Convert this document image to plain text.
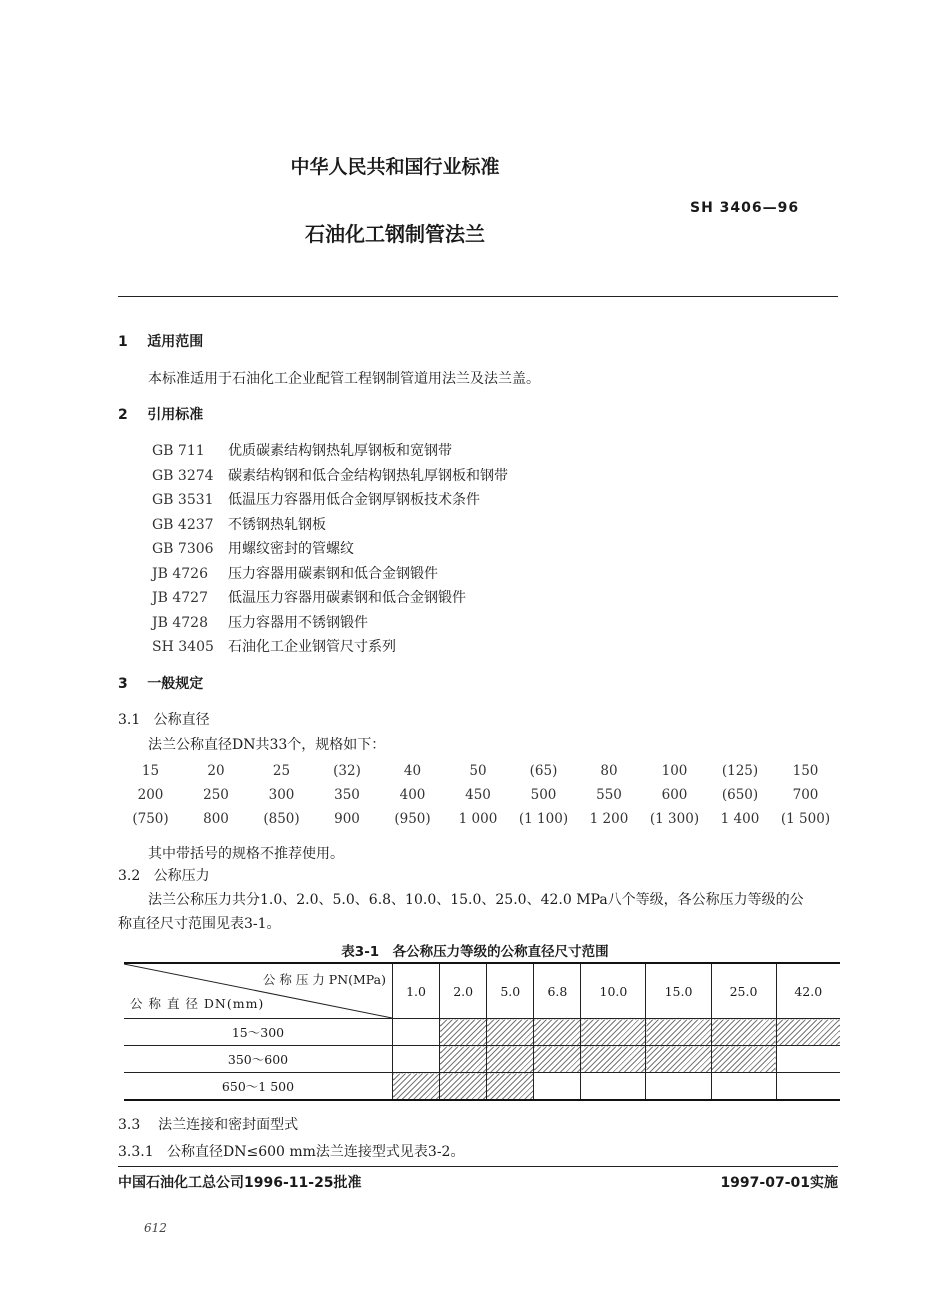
中华人民共和国行业标准
SH 3406—96
石油化工钢制管法兰
1 适用范围
本标准适用于石油化工企业配管工程钢制管道用法兰及法兰盖。
2 引用标准
GB 711 优质碳素结构钢热轧厚钢板和宽钢带
GB 3274 碳素结构钢和低合金结构钢热轧厚钢板和钢带
GB 3531 低温压力容器用低合金钢厚钢板技术条件
GB 4237 不锈钢热轧钢板
GB 7306 用螺纹密封的管螺纹
JB 4726 压力容器用碳素钢和低合金钢锻件
JB 4727 低温压力容器用碳素钢和低合金钢锻件
JB 4728 压力容器用不锈钢锻件
SH 3405 石油化工企业钢管尺寸系列
3 一般规定
3.1 公称直径
法兰公称直径DN共33个，规格如下：
15	20	25	(32)	40	50	(65)	80	100	(125)	150
200	250	300	350	400	450	500	550	600	(650)	700
(750)	800	(850)	900	(950)	1 000	(1 100)	1 200	(1 300)	1 400	(1 500)
其中带括号的规格不推荐使用。
3.2 公称压力
法兰公称压力共分1.0、2.0、5.0、6.8、10.0、15.0、25.0、42.0 MPa八个等级，各公称压力等级的公
称直径尺寸范围见表3-1。
表3-1　各公称压力等级的公称直径尺寸范围
公 称 压 力 PN(MPa)
公 称 直 径 DN(mm)	1.0	2.0	5.0	6.8	10.0	15.0	25.0	42.0
15～300								
350～600								
650～1 500								
3.3 法兰连接和密封面型式
3.3.1 公称直径DN≤600 mm法兰连接型式见表3-2。
中国石油化工总公司1996-11-25批准	1997-07-01实施
612
